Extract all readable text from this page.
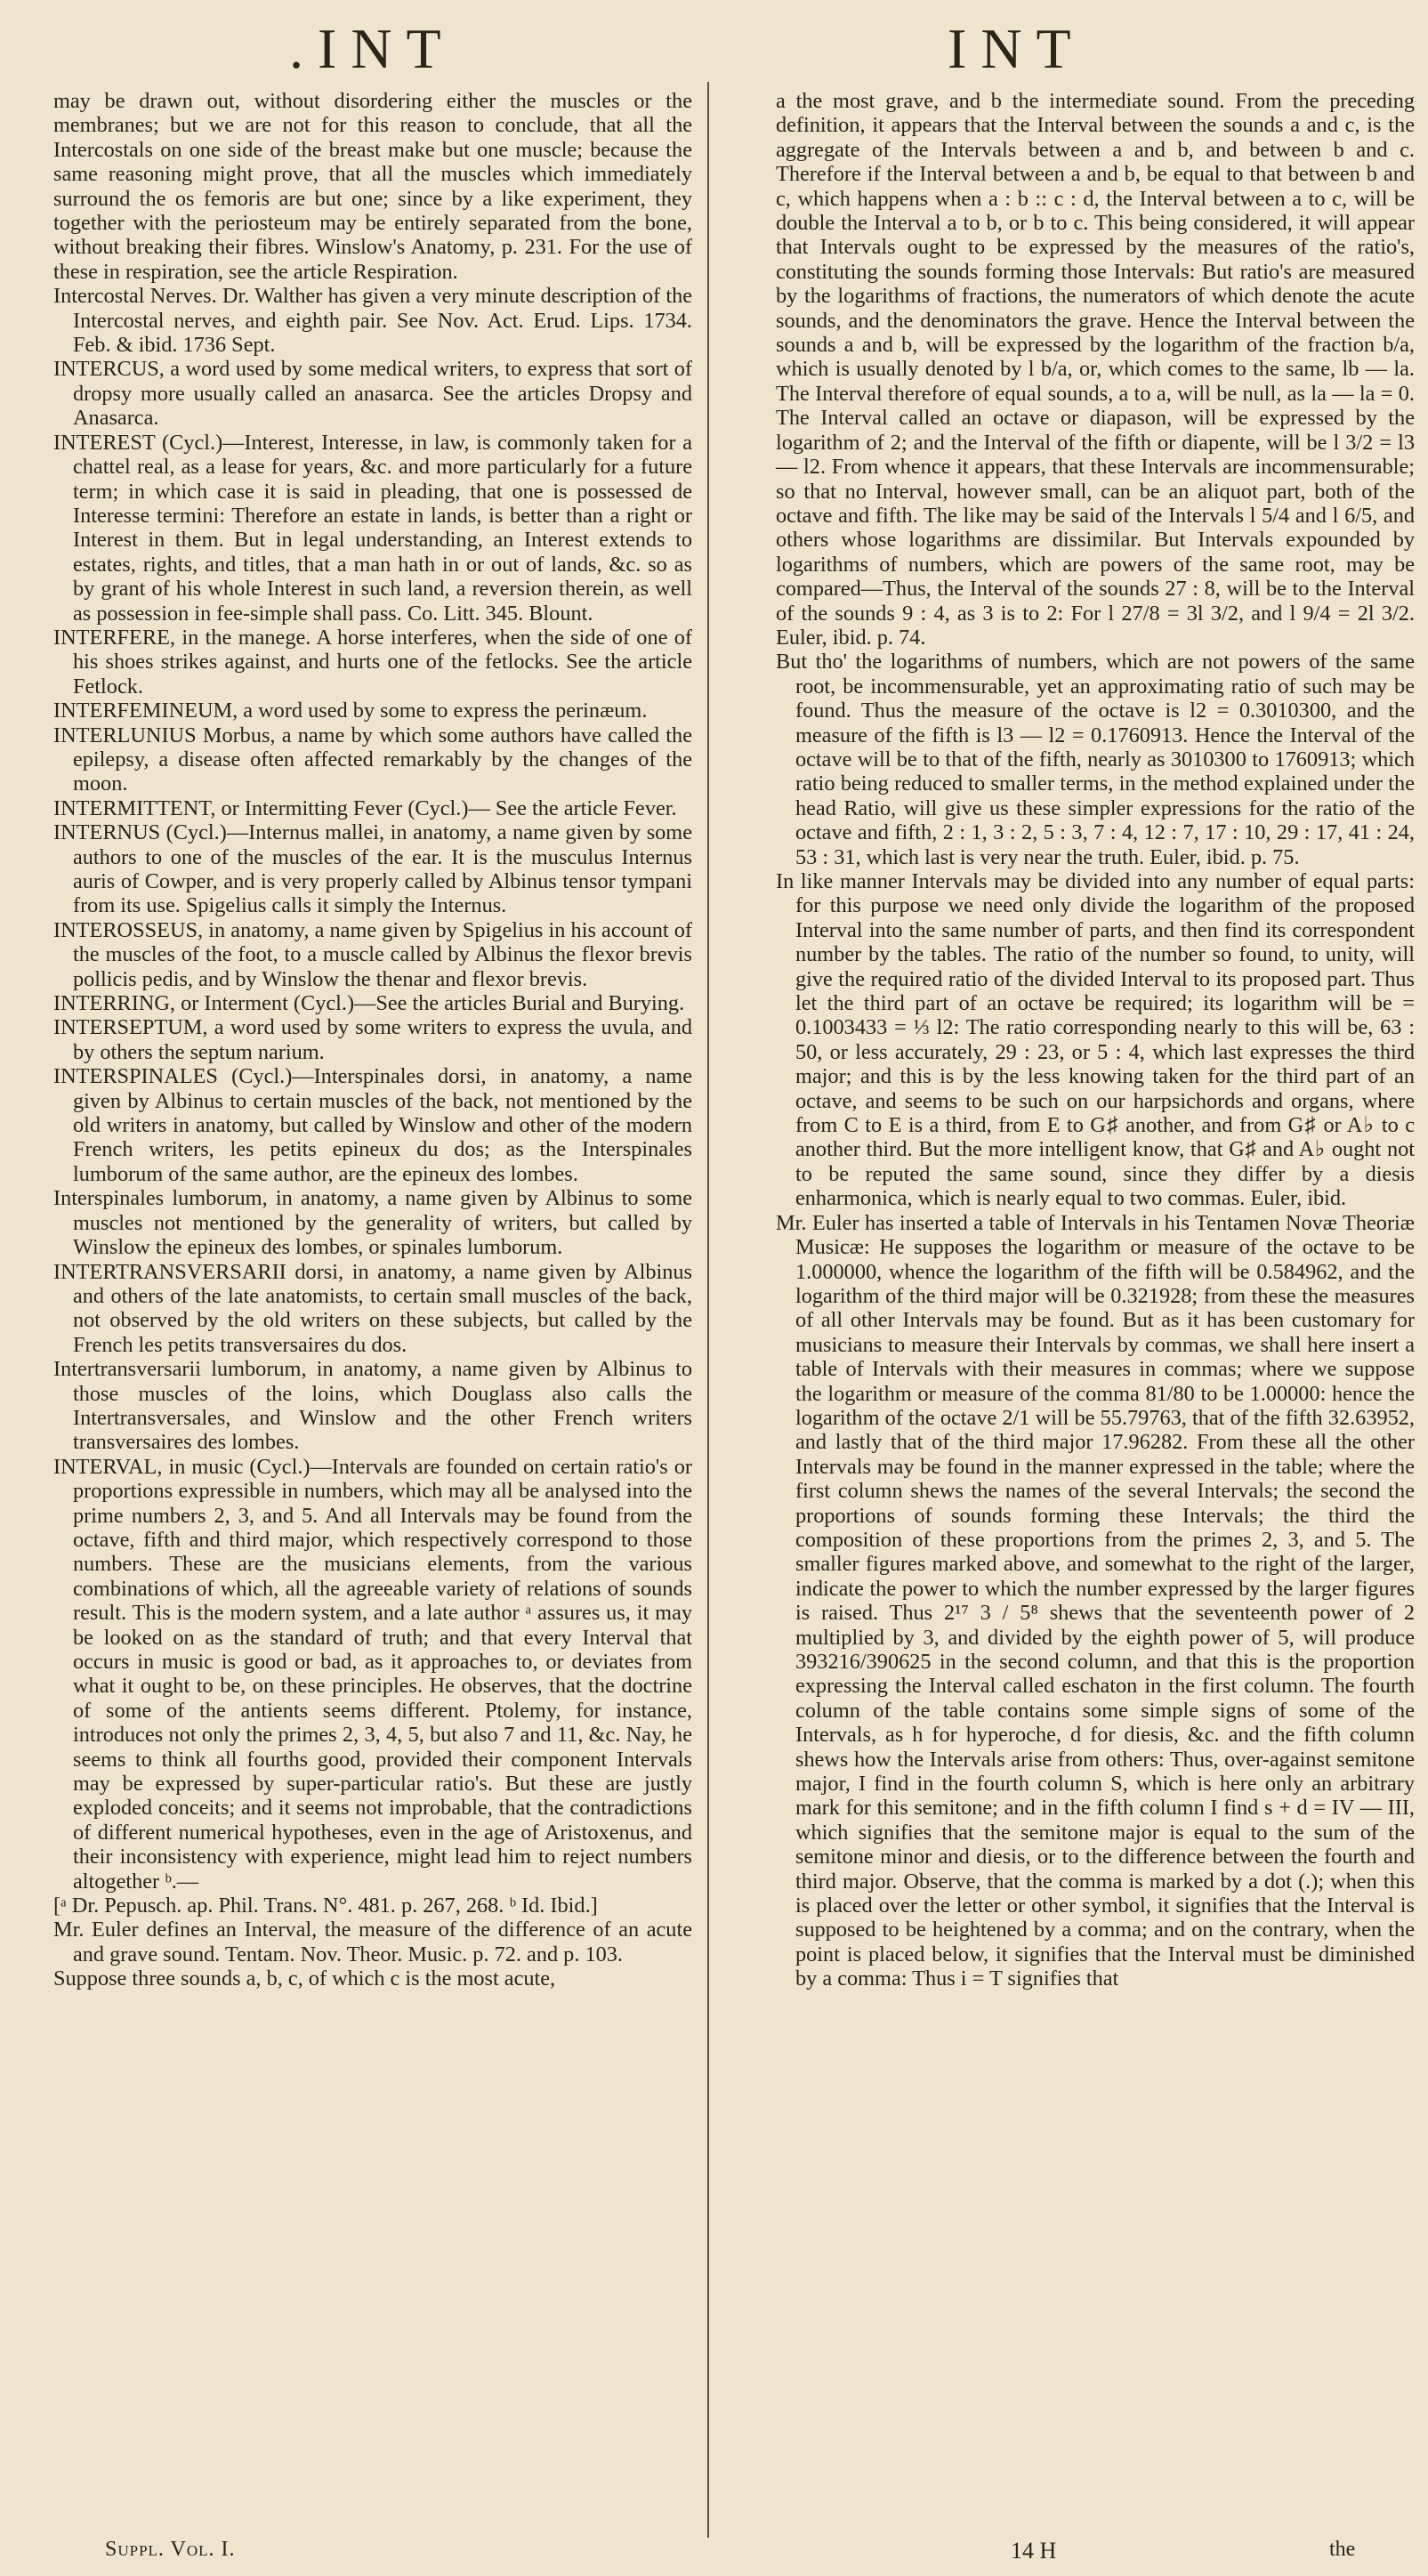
.INT	INT

may be drawn out, without disordering either the muscles or the membranes; but we are not for this reason to conclude, that all the Intercostals on one side of the breast make but one muscle; because the same reasoning might prove, that all the muscles which immediately surround the os femoris are but one; since by a like experiment, they together with the periosteum may be entirely separated from the bone, without breaking their fibres. Winslow's Anatomy, p. 231. For the use of these in respiration, see the article Respiration.

Intercostal Nerves. Dr. Walther has given a very minute description of the Intercostal nerves, and eighth pair. See Nov. Act. Erud. Lips. 1734. Feb. & ibid. 1736 Sept.

INTERCUS, a word used by some medical writers, to express that sort of dropsy more usually called an anasarca. See the articles Dropsy and Anasarca.

INTEREST (Cycl.)—Interest, Interesse, in law, is commonly taken for a chattel real, as a lease for years, &c. and more particularly for a future term; in which case it is said in pleading, that one is possessed de Interesse termini: Therefore an estate in lands, is better than a right or Interest in them. But in legal understanding, an Interest extends to estates, rights, and titles, that a man hath in or out of lands, &c. so as by grant of his whole Interest in such land, a reversion therein, as well as possession in fee-simple shall pass. Co. Litt. 345. Blount.

INTERFERE, in the manege. A horse interferes, when the side of one of his shoes strikes against, and hurts one of the fetlocks. See the article Fetlock.

INTERFEMINEUM, a word used by some to express the perinæum.

INTERLUNIUS Morbus, a name by which some authors have called the epilepsy, a disease often affected remarkably by the changes of the moon.

INTERMITTENT, or Intermitting Fever (Cycl.)— See the article Fever.

INTERNUS (Cycl.)—Internus mallei, in anatomy, a name given by some authors to one of the muscles of the ear. It is the musculus Internus auris of Cowper, and is very properly called by Albinus tensor tympani from its use. Spigelius calls it simply the Internus.

INTEROSSEUS, in anatomy, a name given by Spigelius in his account of the muscles of the foot, to a muscle called by Albinus the flexor brevis pollicis pedis, and by Winslow the thenar and flexor brevis.

INTERRING, or Interment (Cycl.)—See the articles Burial and Burying.

INTERSEPTUM, a word used by some writers to express the uvula, and by others the septum narium.

INTERSPINALES (Cycl.)—Interspinales dorsi, in anatomy, a name given by Albinus to certain muscles of the back, not mentioned by the old writers in anatomy, but called by Winslow and other of the modern French writers, les petits epineux du dos; as the Interspinales lumborum of the same author, are the epineux des lombes.

Interspinales lumborum, in anatomy, a name given by Albinus to some muscles not mentioned by the generality of writers, but called by Winslow the epineux des lombes, or spinales lumborum.

INTERTRANSVERSARII dorsi, in anatomy, a name given by Albinus and others of the late anatomists, to certain small muscles of the back, not observed by the old writers on these subjects, but called by the French les petits transversaires du dos.

Intertransversarii lumborum, in anatomy, a name given by Albinus to those muscles of the loins, which Douglass also calls the Intertransversales, and Winslow and the other French writers transversaires des lombes.

INTERVAL, in music (Cycl.)—Intervals are founded on certain ratio's or proportions expressible in numbers, which may all be analysed into the prime numbers 2, 3, and 5. And all Intervals may be found from the octave, fifth and third major, which respectively correspond to those numbers. These are the musicians elements, from the various combinations of which, all the agreeable variety of relations of sounds result. This is the modern system, and a late author ᵃ assures us, it may be looked on as the standard of truth; and that every Interval that occurs in music is good or bad, as it approaches to, or deviates from what it ought to be, on these principles. He observes, that the doctrine of some of the antients seems different. Ptolemy, for instance, introduces not only the primes 2, 3, 4, 5, but also 7 and 11, &c. Nay, he seems to think all fourths good, provided their component Intervals may be expressed by super-particular ratio's. But these are justly exploded conceits; and it seems not improbable, that the contradictions of different numerical hypotheses, even in the age of Aristoxenus, and their inconsistency with experience, might lead him to reject numbers altogether ᵇ.—

[ᵃ Dr. Pepusch. ap. Phil. Trans. N°. 481. p. 267, 268. ᵇ Id. Ibid.]

Mr. Euler defines an Interval, the measure of the difference of an acute and grave sound. Tentam. Nov. Theor. Music. p. 72. and p. 103.

Suppose three sounds a, b, c, of which c is the most acute,

a the most grave, and b the intermediate sound. From the preceding definition, it appears that the Interval between the sounds a and c, is the aggregate of the Intervals between a and b, and between b and c. Therefore if the Interval between a and b, be equal to that between b and c, which happens when a : b :: c : d, the Interval between a to c, will be double the Interval a to b, or b to c. This being considered, it will appear that Intervals ought to be expressed by the measures of the ratio's, constituting the sounds forming those Intervals: But ratio's are measured by the logarithms of fractions, the numerators of which denote the acute sounds, and the denominators the grave. Hence the Interval between the sounds a and b, will be expressed by the logarithm of the fraction b/a, which is usually denoted by l b/a, or, which comes to the same, lb — la. The Interval therefore of equal sounds, a to a, will be null, as la — la = 0. The Interval called an octave or diapason, will be expressed by the logarithm of 2; and the Interval of the fifth or diapente, will be l 3/2 = l3 — l2. From whence it appears, that these Intervals are incommensurable; so that no Interval, however small, can be an aliquot part, both of the octave and fifth. The like may be said of the Intervals l 5/4 and l 6/5, and others whose logarithms are dissimilar. But Intervals expounded by logarithms of numbers, which are powers of the same root, may be compared—Thus, the Interval of the sounds 27 : 8, will be to the Interval of the sounds 9 : 4, as 3 is to 2: For l 27/8 = 3l 3/2, and l 9/4 = 2l 3/2. Euler, ibid. p. 74.

But tho' the logarithms of numbers, which are not powers of the same root, be incommensurable, yet an approximating ratio of such may be found. Thus the measure of the octave is l2 = 0.3010300, and the measure of the fifth is l3 — l2 = 0.1760913. Hence the Interval of the octave will be to that of the fifth, nearly as 3010300 to 1760913; which ratio being reduced to smaller terms, in the method explained under the head Ratio, will give us these simpler expressions for the ratio of the octave and fifth, 2 : 1, 3 : 2, 5 : 3, 7 : 4, 12 : 7, 17 : 10, 29 : 17, 41 : 24, 53 : 31, which last is very near the truth. Euler, ibid. p. 75.

In like manner Intervals may be divided into any number of equal parts: for this purpose we need only divide the logarithm of the proposed Interval into the same number of parts, and then find its correspondent number by the tables. The ratio of the number so found, to unity, will give the required ratio of the divided Interval to its proposed part. Thus let the third part of an octave be required; its logarithm will be = 0.1003433 = ⅓ l2: The ratio corresponding nearly to this will be, 63 : 50, or less accurately, 29 : 23, or 5 : 4, which last expresses the third major; and this is by the less knowing taken for the third part of an octave, and seems to be such on our harpsichords and organs, where from C to E is a third, from E to G♯ another, and from G♯ or A♭ to c another third. But the more intelligent know, that G♯ and A♭ ought not to be reputed the same sound, since they differ by a diesis enharmonica, which is nearly equal to two commas. Euler, ibid.

Mr. Euler has inserted a table of Intervals in his Tentamen Novæ Theoriæ Musicæ: He supposes the logarithm or measure of the octave to be 1.000000, whence the logarithm of the fifth will be 0.584962, and the logarithm of the third major will be 0.321928; from these the measures of all other Intervals may be found. But as it has been customary for musicians to measure their Intervals by commas, we shall here insert a table of Intervals with their measures in commas; where we suppose the logarithm or measure of the comma 81/80 to be 1.00000: hence the logarithm of the octave 2/1 will be 55.79763, that of the fifth 32.63952, and lastly that of the third major 17.96282. From these all the other Intervals may be found in the manner expressed in the table; where the first column shews the names of the several Intervals; the second the proportions of sounds forming these Intervals; the third the composition of these proportions from the primes 2, 3, and 5. The smaller figures marked above, and somewhat to the right of the larger, indicate the power to which the number expressed by the larger figures is raised. Thus 2¹⁷ 3 / 5⁸ shews that the seventeenth power of 2 multiplied by 3, and divided by the eighth power of 5, will produce 393216/390625 in the second column, and that this is the proportion expressing the Interval called eschaton in the first column. The fourth column of the table contains some simple signs of some of the Intervals, as h for hyperoche, d for diesis, &c. and the fifth column shews how the Intervals arise from others: Thus, over-against semitone major, I find in the fourth column S, which is here only an arbitrary mark for this semitone; and in the fifth column I find s + d = IV — III, which signifies that the semitone major is equal to the sum of the semitone minor and diesis, or to the difference between the fourth and third major. Observe, that the comma is marked by a dot (.); when this is placed over the letter or other symbol, it signifies that the Interval is supposed to be heightened by a comma; and on the contrary, when the point is placed below, it signifies that the Interval must be diminished by a comma: Thus i = T signifies that

Suppl. Vol. I.	14 H	the
